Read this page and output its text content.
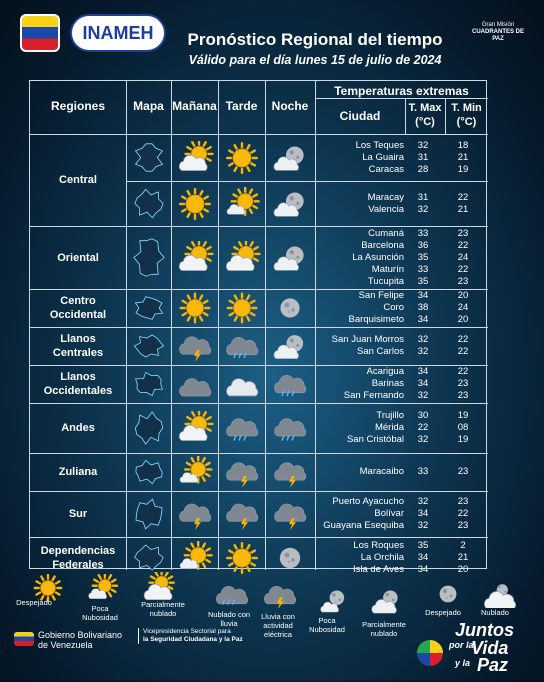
INAMEH	Gran Misión
CUADRANTES DE PAZ
Pronóstico Regional del tiempo
Válido para el día lunes 15 de julio de 2024
Regiones	Mapa Mañana Tarde	Noche
Temperaturas extremas
Ciudad
T. Max
(°C)
T. Min
(°C)
Central
Los Teques	32	18
La Guaira	31	21
Caracas	28	19
Maracay	31	22
Valencia	32	21
Oriental
Cumaná	33	23
Barcelona	36	22
La Asunción	35	24
Maturín	33	22
Tucupita	35	23
Centro Occidental
San Felipe	34	20
Coro	38	24
Barquisimeto	34	20
Llanos Centrales
San Juan Morros	32	22
San Carlos	32	22
Llanos Occidentales
Acarigua	34	22
Barinas	34	23
San Fernando	32	23
Andes
Trujillo	30	19
Mérida	22	08
San Cristóbal	32	19
Zuliana	Maracaibo	33	23
Sur
Puerto Ayacucho	32	23
Bolívar	34	22
Guayana Esequiba	32	23
Dependencias Federales
Los Roques	35	2
La Orchila	34	21
Isla de Aves	34	20
Despejado
Poca Nubosidad
Parcialmente nublado	Nublado con lluvia
Lluvia con actividad eléctrica
Poca Nubosidad
Parcialmente nublado
Despejado	Nublado
Gobierno Bolivariano
de Venezuela
Vicepresidencia Sectorial para
la Seguridad Ciudadana y la Paz	Juntos
por la
Vida
y la Paz
